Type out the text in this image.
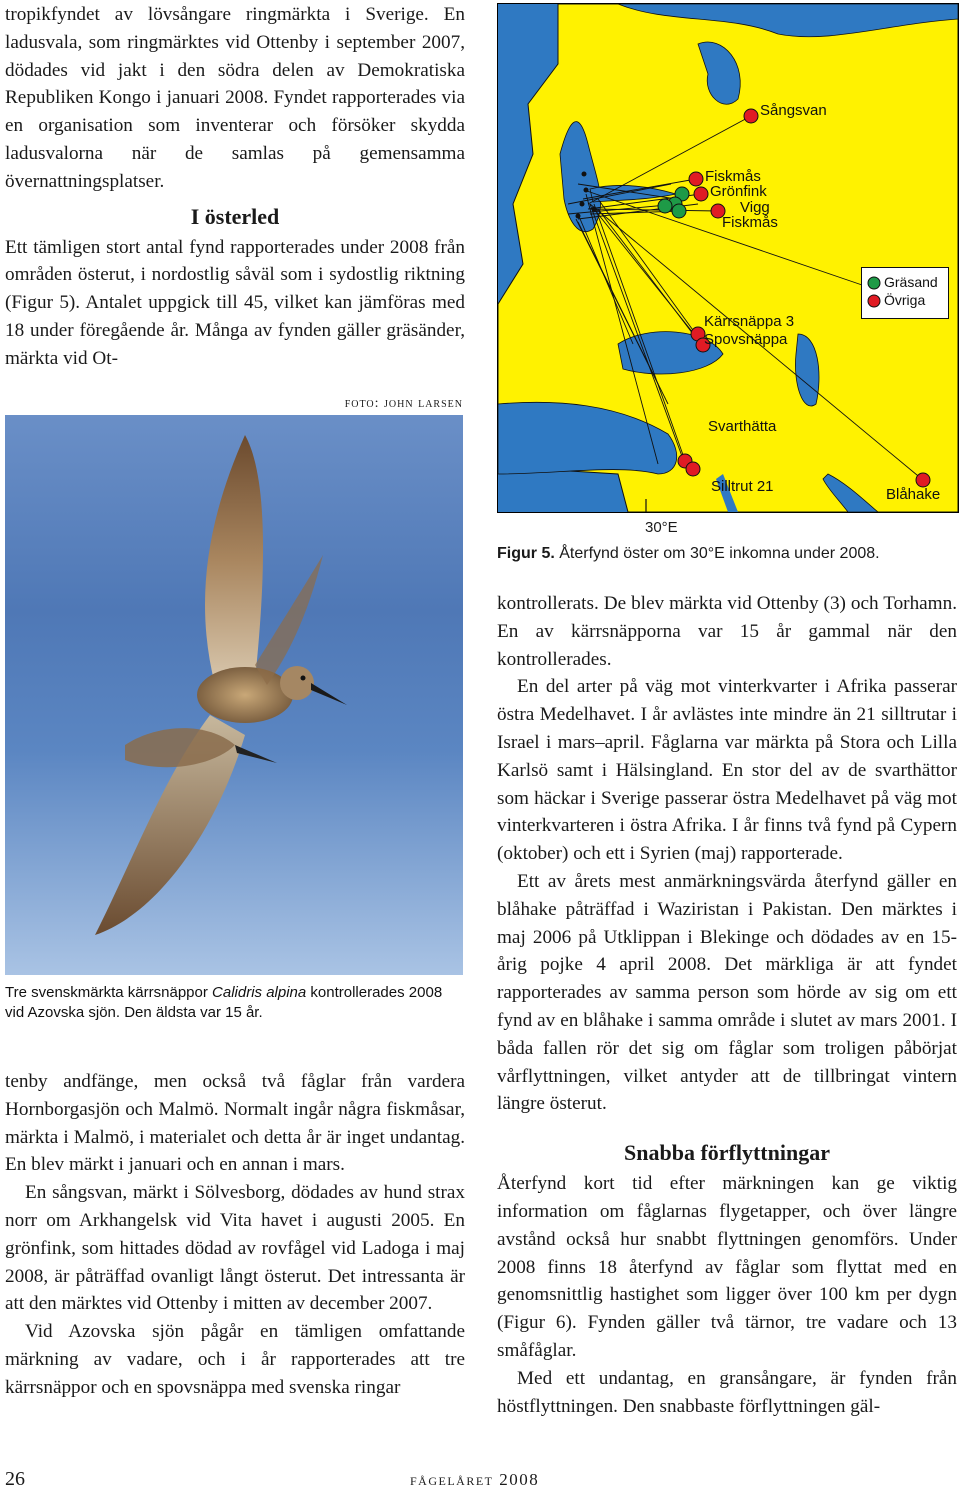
tropikfyndet av lövsångare ringmärkta i Sverige. En ladusvala, som ringmärktes vid Ottenby i september 2007, dödades vid jakt i den södra delen av Demokratiska Republiken Kongo i januari 2008. Fyndet rapporterades via en organisation som inventerar och försöker skydda ladusvalorna när de samlas på gemensamma övernattningsplatser.

I österled

Ett tämligen stort antal fynd rapporterades under 2008 från områden österut, i nordostlig såväl som i sydostlig riktning (Figur 5). Antalet uppgick till 45, vilket kan jämföras med 18 under föregående år. Många av fynden gäller gräsänder, märkta vid Ot-

foto: john larsen
Tre svenskmärkta kärrsnäppor Calidris alpina kontrollerades 2008 vid Azovska sjön. Den äldsta var 15 år.

tenby andfänge, men också två fåglar från vardera Hornborgasjön och Malmö. Normalt ingår några fiskmåsar, märkta i Malmö, i materialet och detta år är inget undantag. En blev märkt i januari och en annan i mars.

En sångsvan, märkt i Sölvesborg, dödades av hund strax norr om Arkhangelsk vid Vita havet i augusti 2005. En grönfink, som hittades dödad av rovfågel vid Ladoga i maj 2008, är påträffad ovanligt långt österut. Det intressanta är att den märktes vid Ottenby i mitten av december 2007.

Vid Azovska sjön pågår en tämligen omfattande märkning av vadare, och i år rapporterades att tre kärrsnäppor och en spovsnäppa med svenska ringar

Sångsvan
Fiskmås
Grönfink
Vigg
Fiskmås
Kärrsnäppa 3
Spovsnäppa
Svarthätta
Silltrut 21	Blåhake
Gräsand
Övriga
30°E
Figur 5. Återfynd öster om 30°E inkomna under 2008.

kontrollerats. De blev märkta vid Ottenby (3) och Torhamn. En av kärrsnäpporna var 15 år gammal när den kontrollerades.

En del arter på väg mot vinterkvarter i Afrika passerar östra Medelhavet. I år avlästes inte mindre än 21 silltrutar i Israel i mars–april. Fåglarna var märkta på Stora och Lilla Karlsö samt i Hälsingland. En stor del av de svarthättor som häckar i Sverige passerar östra Medelhavet på väg mot vinterkvarteren i östra Afrika. I år finns två fynd på Cypern (oktober) och ett i Syrien (maj) rapporterade.

Ett av årets mest anmärkningsvärda återfynd gäller en blåhake påträffad i Waziristan i Pakistan. Den märktes i maj 2006 på Utklippan i Blekinge och dödades av en 15-årig pojke 4 april 2008. Det märkliga är att fyndet rapporterades av samma person som hörde av sig om ett fynd av en blåhake i samma område i slutet av mars 2001. I båda fallen rör det sig om fåglar som troligen påbörjat vårflyttningen, vilket antyder att de tillbringat vintern längre österut.

Snabba förflyttningar

Återfynd kort tid efter märkningen kan ge viktig information om fåglarnas flygetapper, och över längre avstånd också hur snabbt flyttningen genomförs. Under 2008 finns 18 återfynd av fåglar som flyttat med en genomsnittlig hastighet som ligger över 100 km per dygn (Figur 6). Fynden gäller två tärnor, tre vadare och 13 småfåglar.

Med ett undantag, en gransångare, är fynden från höstflyttningen. Den snabbaste förflyttningen gäl-

26	fågelåret 2008
